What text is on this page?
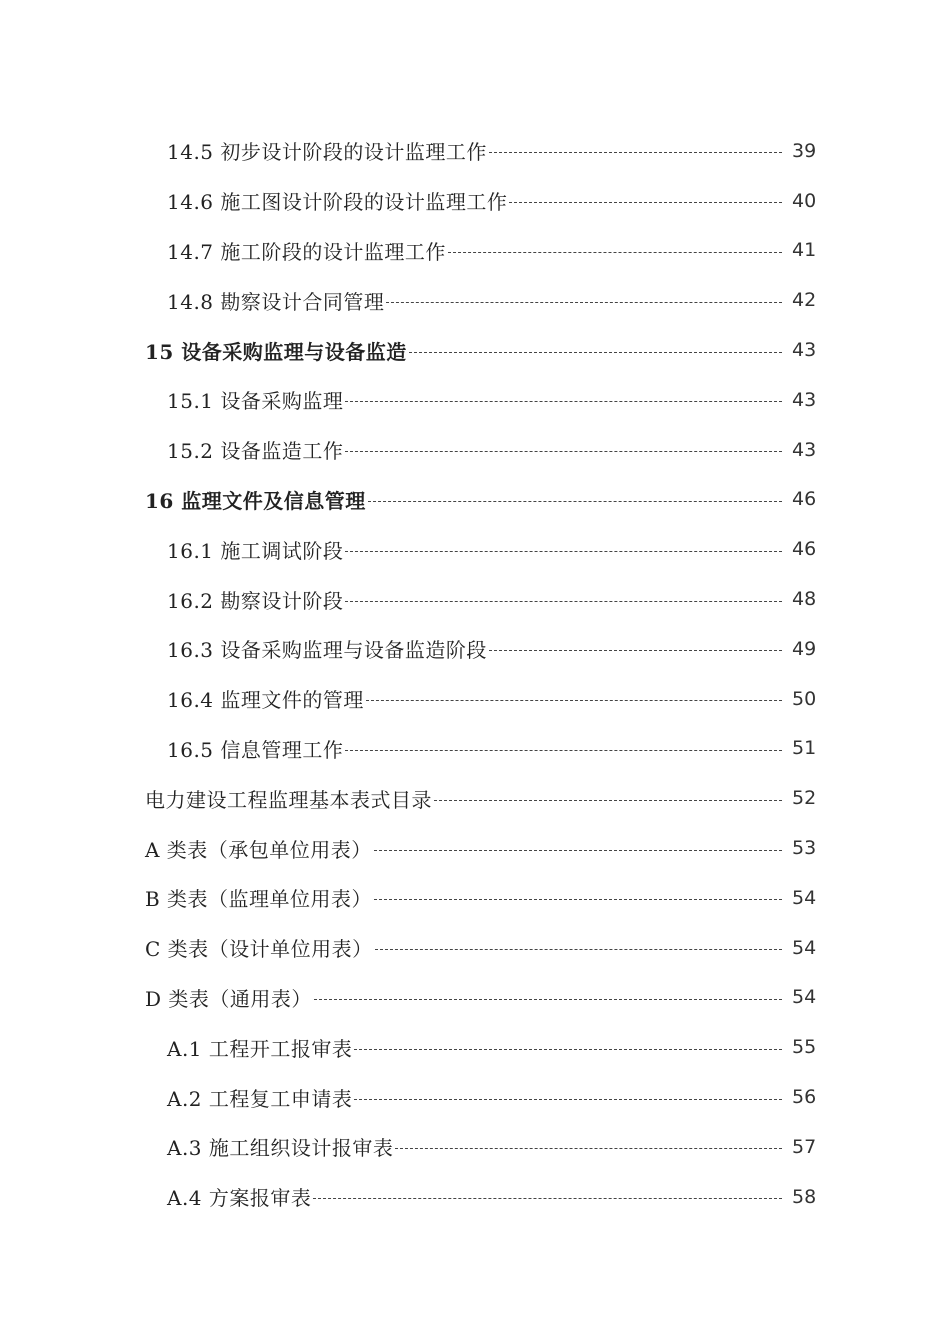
14.5 初步设计阶段的设计监理工作	39
14.6 施工图设计阶段的设计监理工作	40
14.7 施工阶段的设计监理工作	41
14.8 勘察设计合同管理	42
15 设备采购监理与设备监造	43
15.1 设备采购监理	43
15.2 设备监造工作	43
16 监理文件及信息管理	46
16.1 施工调试阶段	46
16.2 勘察设计阶段	48
16.3 设备采购监理与设备监造阶段	49
16.4 监理文件的管理	50
16.5 信息管理工作	51
电力建设工程监理基本表式目录	52
A 类表（承包单位用表）	53
B 类表（监理单位用表）	54
C 类表（设计单位用表）	54
D 类表（通用表）	54
A.1 工程开工报审表	55
A.2 工程复工申请表	56
A.3 施工组织设计报审表	57
A.4 方案报审表	58
